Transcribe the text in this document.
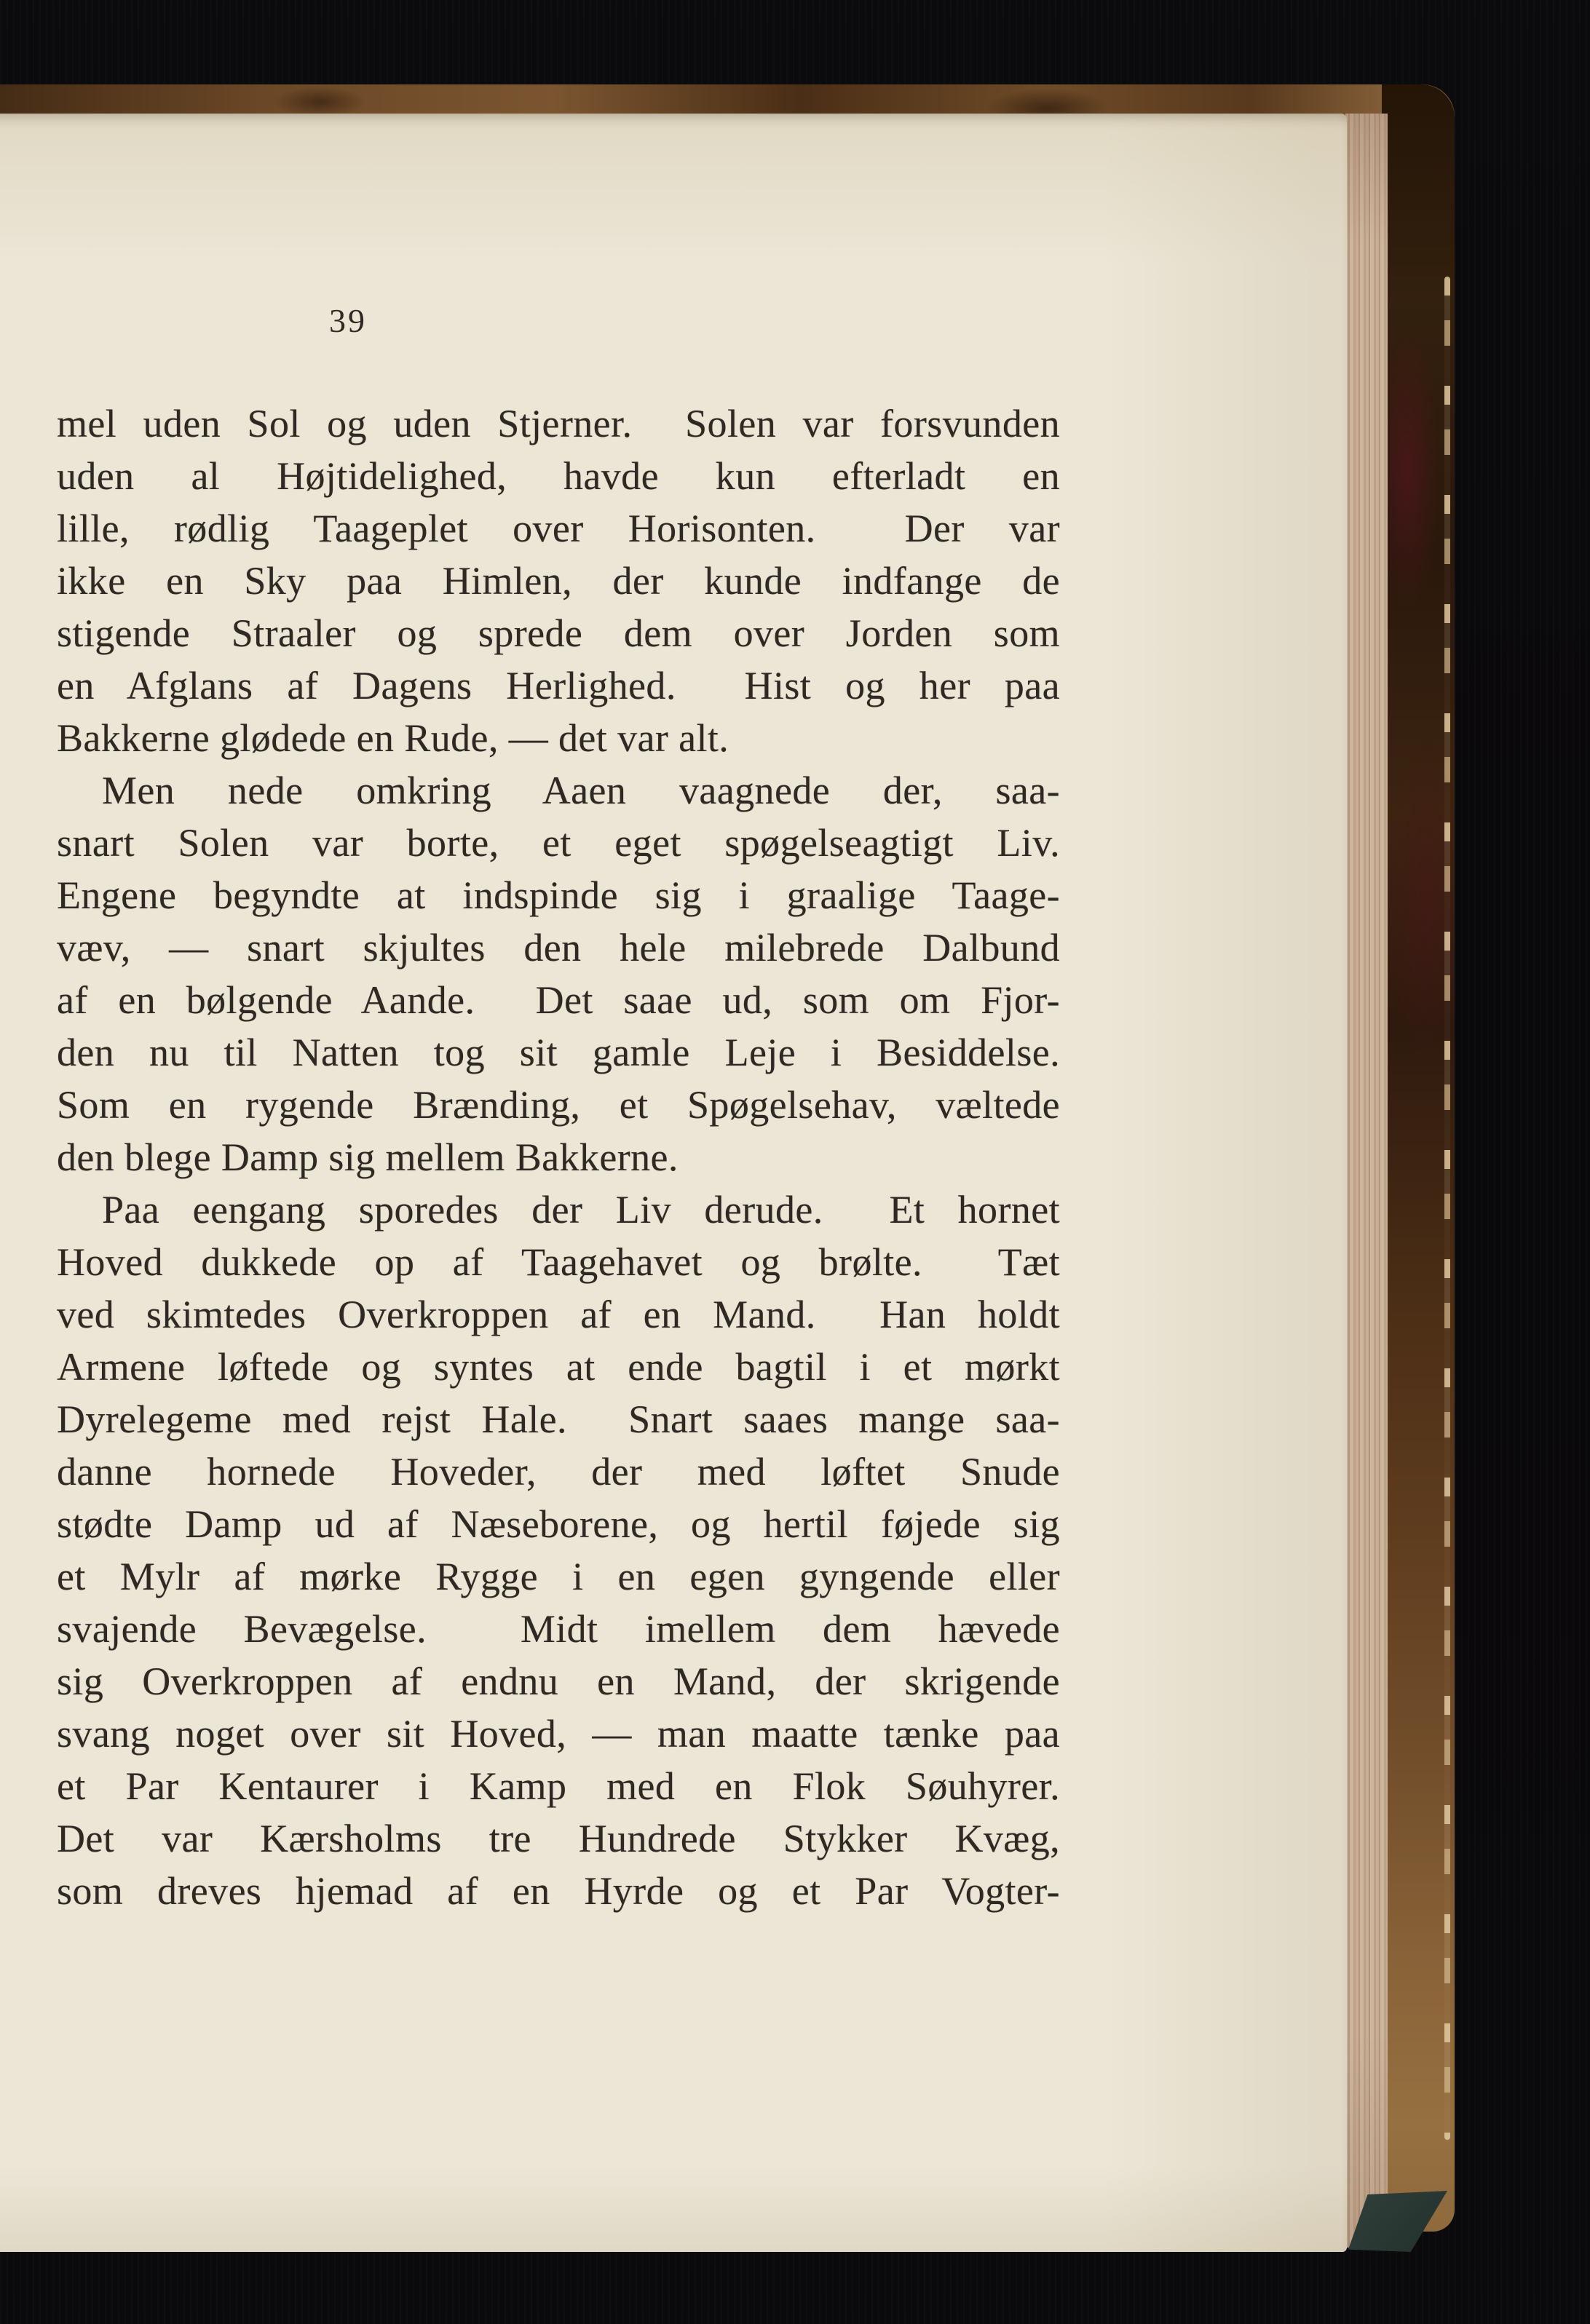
39
mel uden Sol og uden Stjerner.  Solen var forsvunden
uden al Højtidelighed, havde kun efterladt en
lille, rødlig Taageplet over Horisonten.  Der var
ikke en Sky paa Himlen, der kunde indfange de
stigende Straaler og sprede dem over Jorden som
en Afglans af Dagens Herlighed.  Hist og her paa
Bakkerne glødede en Rude, — det var alt.
Men nede omkring Aaen vaagnede der, saa-
snart Solen var borte, et eget spøgelseagtigt Liv.
Engene begyndte at indspinde sig i graalige Taage-
væv, — snart skjultes den hele milebrede Dalbund
af en bølgende Aande.  Det saae ud, som om Fjor-
den nu til Natten tog sit gamle Leje i Besiddelse.
Som en rygende Brænding, et Spøgelsehav, væltede
den blege Damp sig mellem Bakkerne.
Paa eengang sporedes der Liv derude.  Et hornet
Hoved dukkede op af Taagehavet og brølte.  Tæt
ved skimtedes Overkroppen af en Mand.  Han holdt
Armene løftede og syntes at ende bagtil i et mørkt
Dyrelegeme med rejst Hale.  Snart saaes mange saa-
danne hornede Hoveder, der med løftet Snude
stødte Damp ud af Næseborene, og hertil føjede sig
et Mylr af mørke Rygge i en egen gyngende eller
svajende Bevægelse.  Midt imellem dem hævede
sig Overkroppen af endnu en Mand, der skrigende
svang noget over sit Hoved, — man maatte tænke paa
et Par Kentaurer i Kamp med en Flok Søuhyrer.
Det var Kærsholms tre Hundrede Stykker Kvæg,
som dreves hjemad af en Hyrde og et Par Vogter-
